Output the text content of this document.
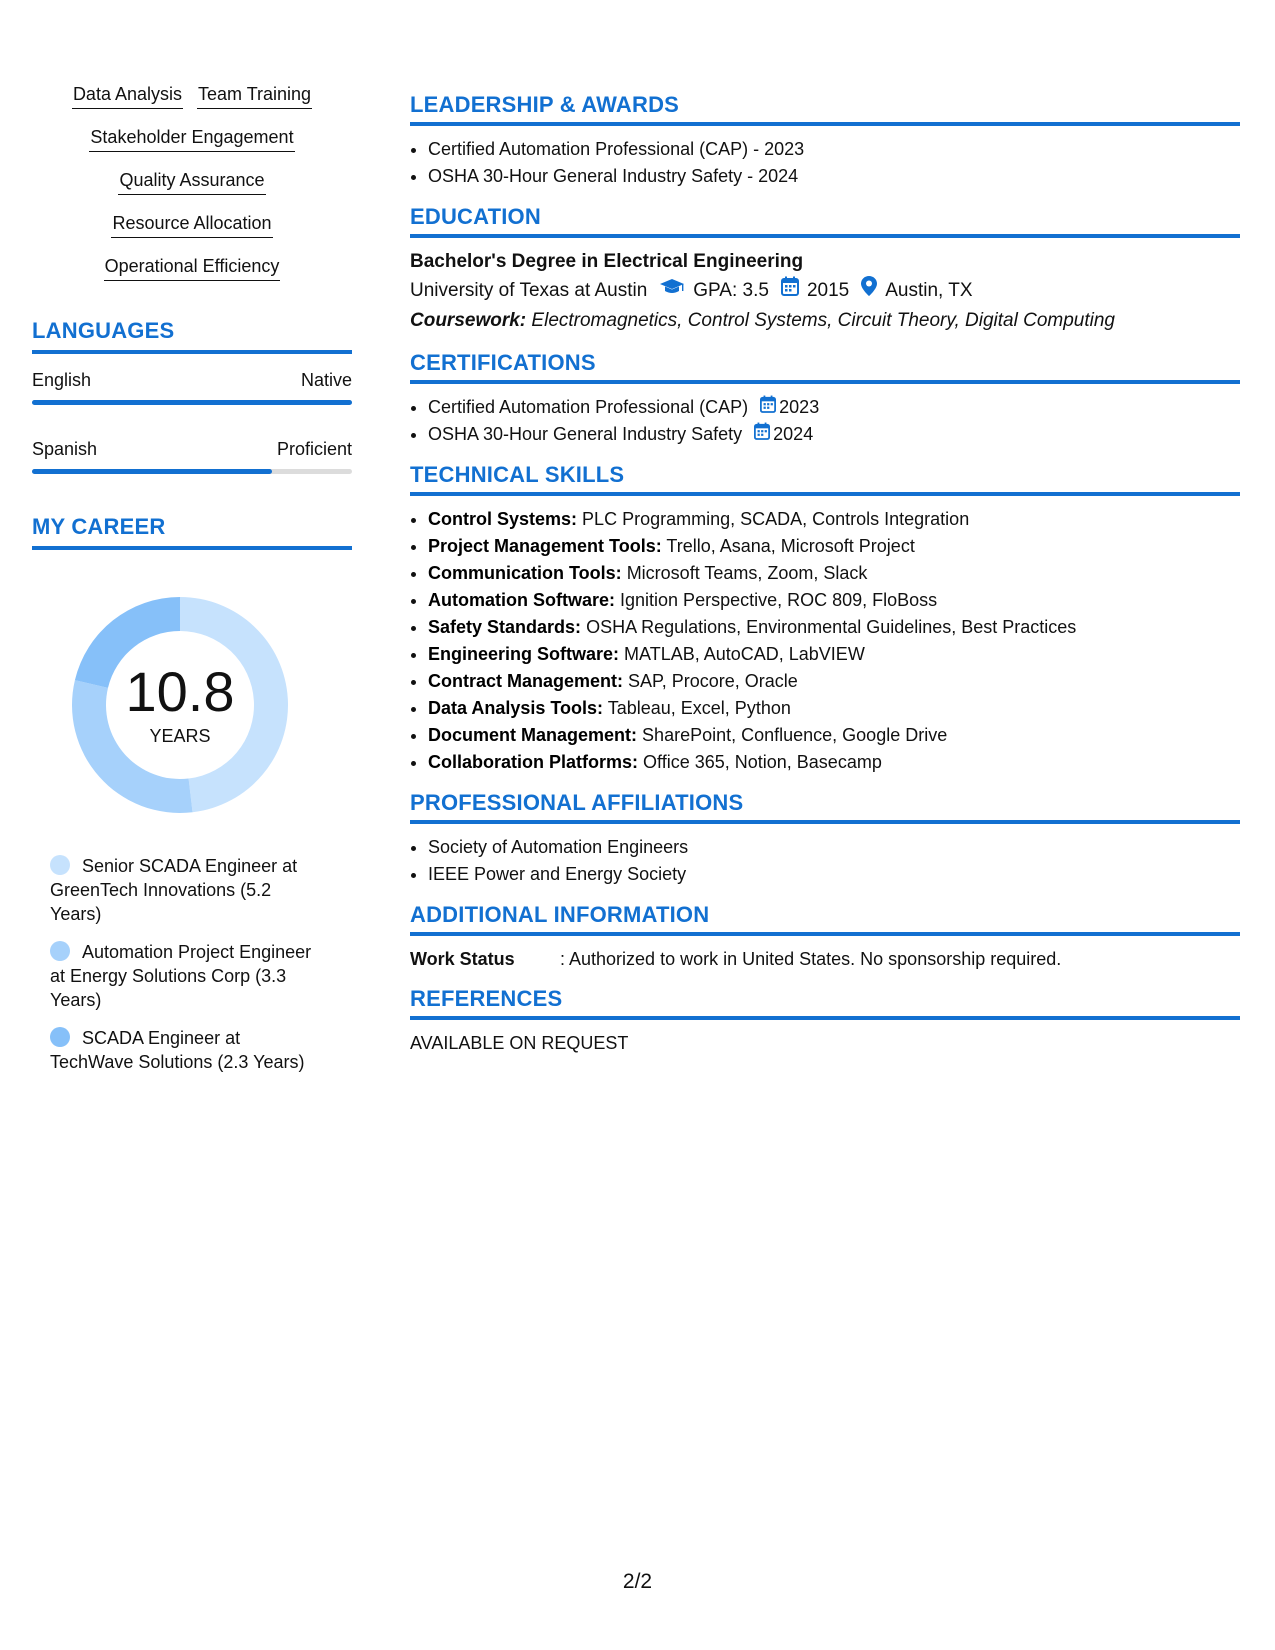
Data Analysis Team Training
Stakeholder Engagement
Quality Assurance
Resource Allocation
Operational Efficiency
LANGUAGES
English	Native
Spanish	Proficient
MY CAREER
10.8
YEARS
Senior SCADA Engineer at GreenTech Innovations (5.2 Years)
Automation Project Engineer at Energy Solutions Corp (3.3 Years)
SCADA Engineer at TechWave Solutions (2.3 Years)
LEADERSHIP & AWARDS
• Certified Automation Professional (CAP) - 2023
• OSHA 30-Hour General Industry Safety - 2024
EDUCATION
Bachelor's Degree in Electrical Engineering
University of Texas at Austin GPA: 3.5 2015 Austin, TX
Coursework: Electromagnetics, Control Systems, Circuit Theory, Digital Computing
CERTIFICATIONS
• Certified Automation Professional (CAP) 2023
• OSHA 30-Hour General Industry Safety 2024
TECHNICAL SKILLS
• Control Systems: PLC Programming, SCADA, Controls Integration
• Project Management Tools: Trello, Asana, Microsoft Project
• Communication Tools: Microsoft Teams, Zoom, Slack
• Automation Software: Ignition Perspective, ROC 809, FloBoss
• Safety Standards: OSHA Regulations, Environmental Guidelines, Best Practices
• Engineering Software: MATLAB, AutoCAD, LabVIEW
• Contract Management: SAP, Procore, Oracle
• Data Analysis Tools: Tableau, Excel, Python
• Document Management: SharePoint, Confluence, Google Drive
• Collaboration Platforms: Office 365, Notion, Basecamp
PROFESSIONAL AFFILIATIONS
• Society of Automation Engineers
• IEEE Power and Energy Society
ADDITIONAL INFORMATION
Work Status	: Authorized to work in United States. No sponsorship required.
REFERENCES
AVAILABLE ON REQUEST
2/2
